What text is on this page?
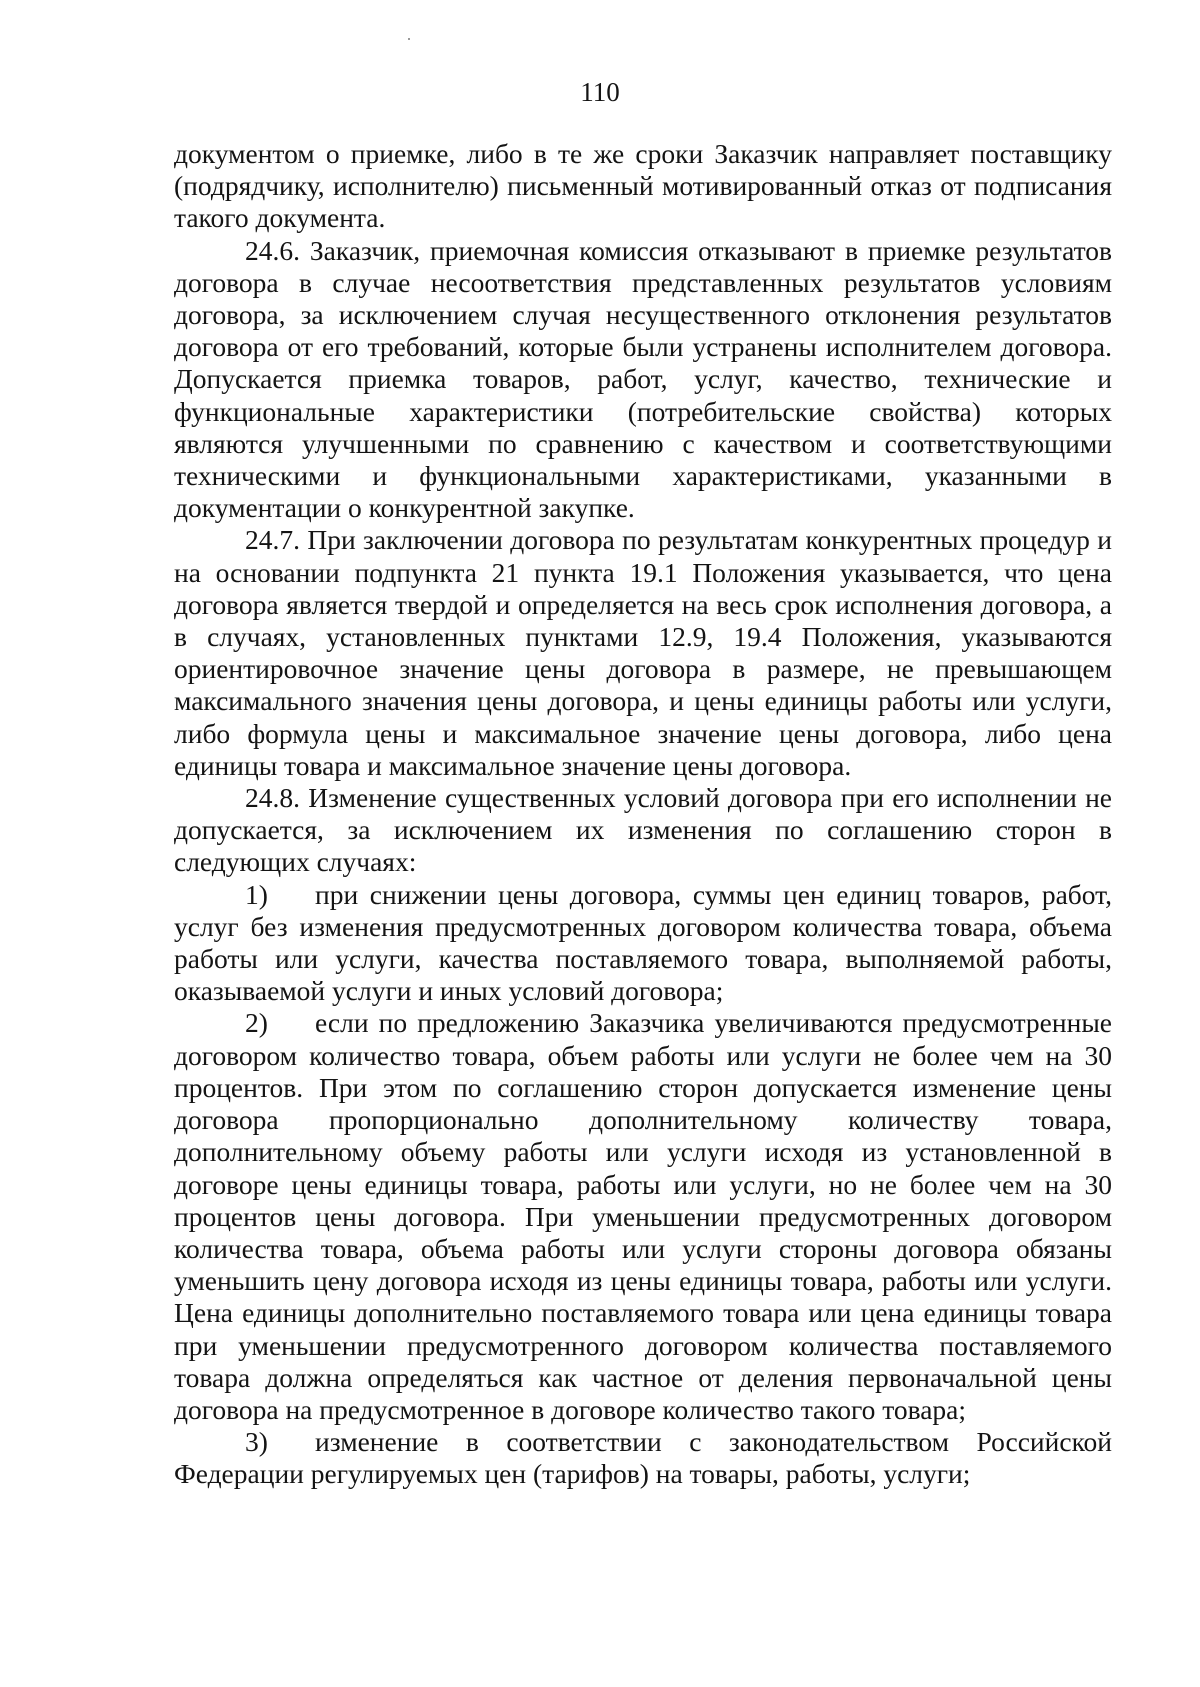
110

документом о приемке, либо в те же сроки Заказчик направляет поставщику (подрядчику, исполнителю) письменный мотивированный отказ от подписания такого документа.

24.6. Заказчик, приемочная комиссия отказывают в приемке результатов договора в случае несоответствия представленных результатов условиям договора, за исключением случая несущественного отклонения результатов договора от его требований, которые были устранены исполнителем договора. Допускается приемка товаров, работ, услуг, качество, технические и функциональные характеристики (потребительские свойства) которых являются улучшенными по сравнению с качеством и соответствующими техническими и функциональными характеристиками, указанными в документации о конкурентной закупке.

24.7. При заключении договора по результатам конкурентных процедур и на основании подпункта 21 пункта 19.1 Положения указывается, что цена договора является твердой и определяется на весь срок исполнения договора, а в случаях, установленных пунктами 12.9, 19.4 Положения, указываются ориентировочное значение цены договора в размере, не превышающем максимального значения цены договора, и цены единицы работы или услуги, либо формула цены и максимальное значение цены договора, либо цена единицы товара и максимальное значение цены договора.

24.8. Изменение существенных условий договора при его исполнении не допускается, за исключением их изменения по соглашению сторон в следующих случаях:

1) при снижении цены договора, суммы цен единиц товаров, работ, услуг без изменения предусмотренных договором количества товара, объема работы или услуги, качества поставляемого товара, выполняемой работы, оказываемой услуги и иных условий договора;

2) если по предложению Заказчика увеличиваются предусмотренные договором количество товара, объем работы или услуги не более чем на 30 процентов. При этом по соглашению сторон допускается изменение цены договора пропорционально дополнительному количеству товара, дополнительному объему работы или услуги исходя из установленной в договоре цены единицы товара, работы или услуги, но не более чем на 30 процентов цены договора. При уменьшении предусмотренных договором количества товара, объема работы или услуги стороны договора обязаны уменьшить цену договора исходя из цены единицы товара, работы или услуги. Цена единицы дополнительно поставляемого товара или цена единицы товара при уменьшении предусмотренного договором количества поставляемого товара должна определяться как частное от деления первоначальной цены договора на предусмотренное в договоре количество такого товара;

3) изменение в соответствии с законодательством Российской Федерации регулируемых цен (тарифов) на товары, работы, услуги;
